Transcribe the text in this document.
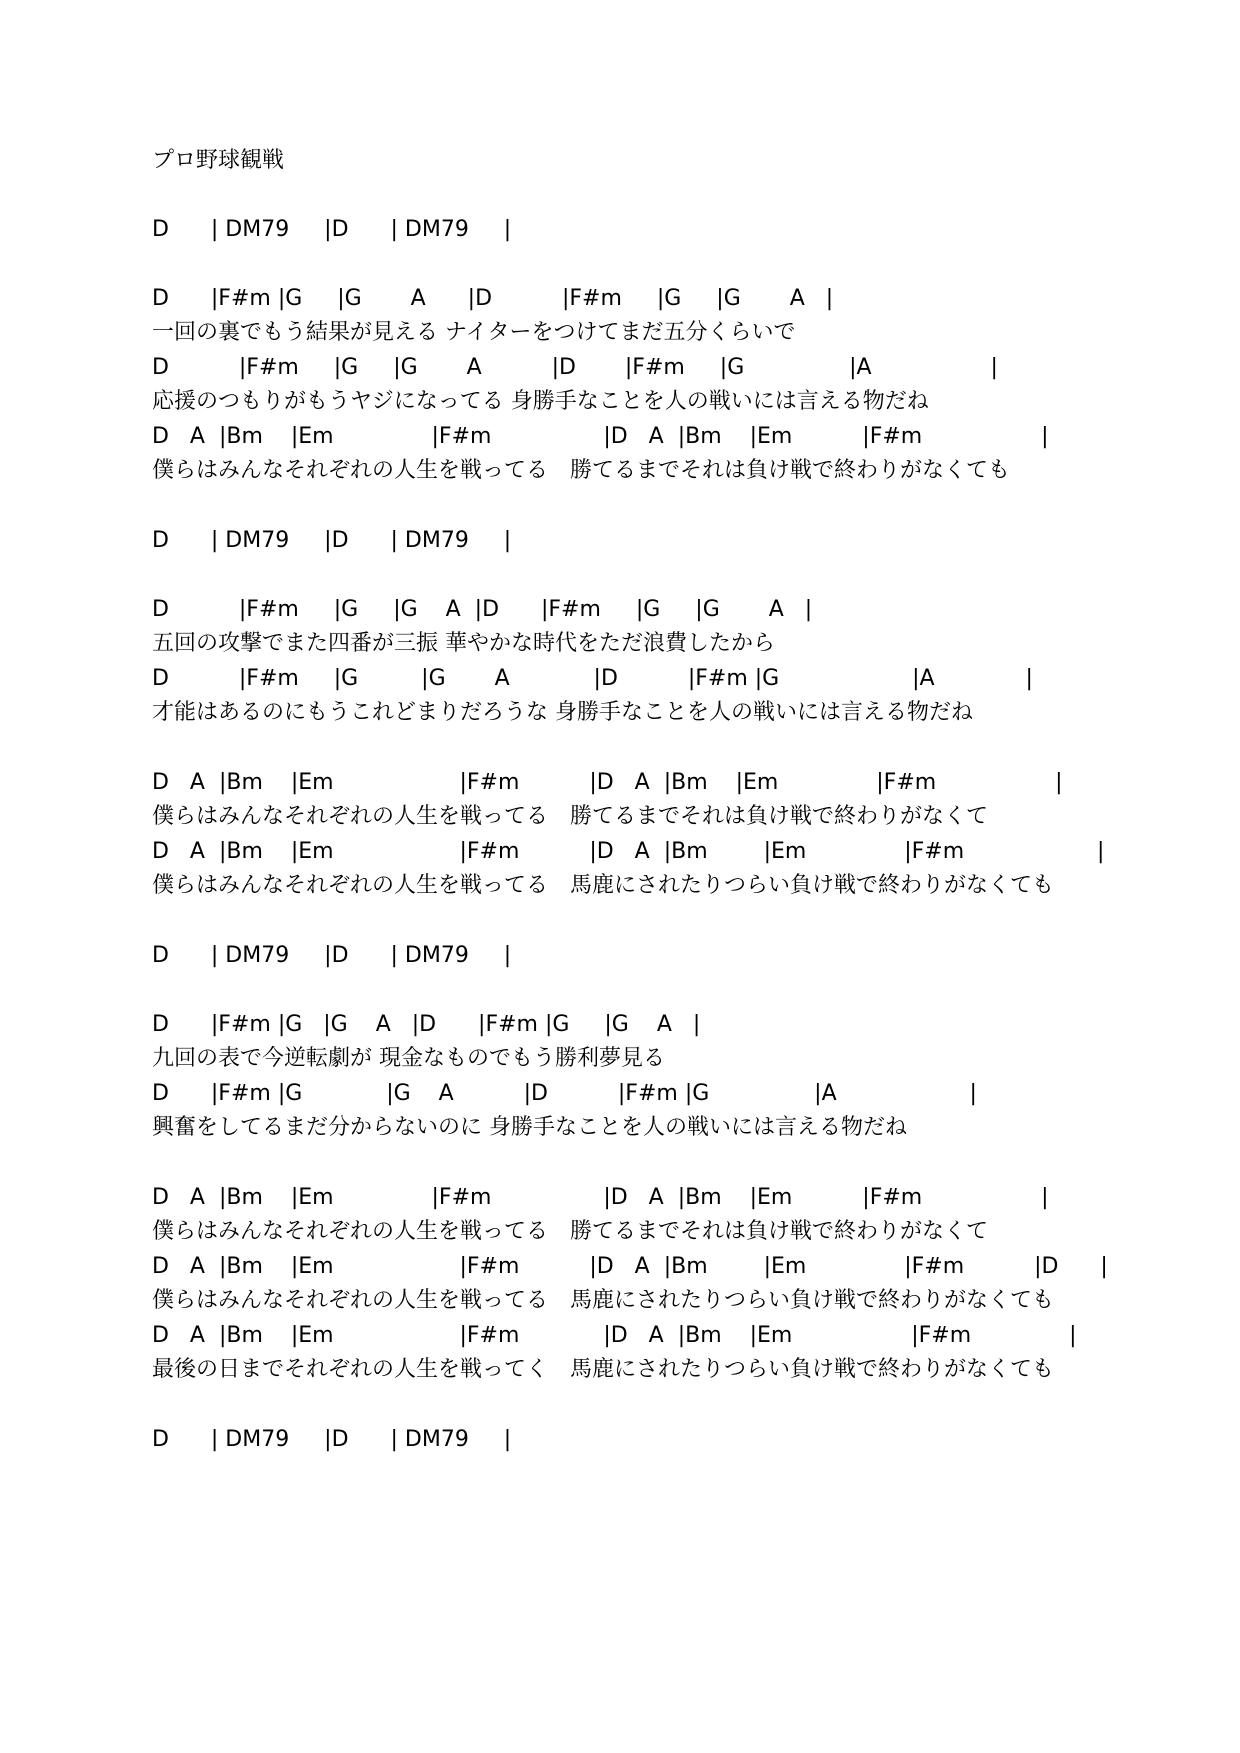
プロ野球観戦
D      | DM79     |D      | DM79     |
D      |F#m |G     |G       A      |D          |F#m     |G     |G       A   |
一回の裏でもう結果が見える ナイターをつけてまだ五分くらいで
D          |F#m     |G     |G       A          |D       |F#m     |G               |A                 |
応援のつもりがもうヤジになってる 身勝手なことを人の戦いには言える物だね
D   A  |Bm    |Em              |F#m                |D   A  |Bm    |Em          |F#m                 |
僕らはみんなそれぞれの人生を戦ってる　勝てるまでそれは負け戦で終わりがなくても
D      | DM79     |D      | DM79     |
D          |F#m     |G     |G    A  |D      |F#m     |G     |G       A   |
五回の攻撃でまた四番が三振 華やかな時代をただ浪費したから
D          |F#m     |G         |G       A            |D          |F#m |G                   |A             |
才能はあるのにもうこれどまりだろうな 身勝手なことを人の戦いには言える物だね
D   A  |Bm    |Em                  |F#m          |D   A  |Bm    |Em              |F#m                 |
僕らはみんなそれぞれの人生を戦ってる　勝てるまでそれは負け戦で終わりがなくて
D   A  |Bm    |Em                  |F#m          |D   A  |Bm        |Em              |F#m                   |
僕らはみんなそれぞれの人生を戦ってる　馬鹿にされたりつらい負け戦で終わりがなくても
D      | DM79     |D      | DM79     |
D      |F#m |G   |G    A   |D      |F#m |G     |G    A   |
九回の表で今逆転劇が 現金なものでもう勝利夢見る
D      |F#m |G            |G    A          |D          |F#m |G               |A                   |
興奮をしてるまだ分からないのに 身勝手なことを人の戦いには言える物だね
D   A  |Bm    |Em              |F#m                |D   A  |Bm    |Em          |F#m                 |
僕らはみんなそれぞれの人生を戦ってる　勝てるまでそれは負け戦で終わりがなくて
D   A  |Bm    |Em                  |F#m          |D   A  |Bm        |Em              |F#m          |D      |
僕らはみんなそれぞれの人生を戦ってる　馬鹿にされたりつらい負け戦で終わりがなくても
D   A  |Bm    |Em                  |F#m            |D   A  |Bm    |Em                 |F#m              |
最後の日までそれぞれの人生を戦ってく　馬鹿にされたりつらい負け戦で終わりがなくても
D      | DM79     |D      | DM79     |
